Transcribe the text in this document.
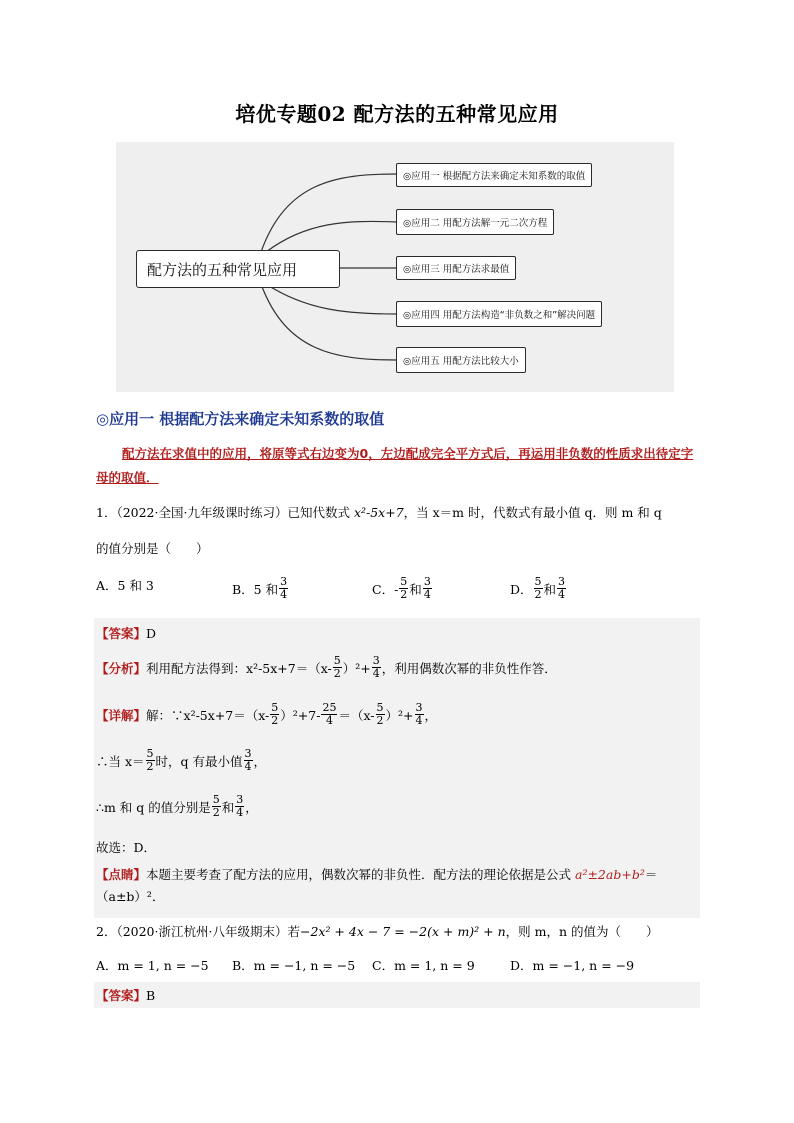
培优专题02 配方法的五种常见应用
配方法的五种常见应用
◎应用一 根据配方法来确定未知系数的取值
◎应用二 用配方法解一元二次方程
◎应用三 用配方法求最值
◎应用四 用配方法构造“非负数之和”解决问题
◎应用五 用配方法比较大小
◎应用一 根据配方法来确定未知系数的取值
配方法在求值中的应用，将原等式右边变为0，左边配成完全平方式后，再运用非负数的性质求出待定字母的取值．
1．（2022·全国·九年级课时练习）已知代数式 x²-5x+7，当 x＝m 时，代数式有最小值 q．则 m 和 q
的值分别是（　　）
A．5 和 3	B．5 和 $\frac{3}{4}$	C．- $\frac{5}{2}$ 和 $\frac{3}{4}$	D． $\frac{5}{2}$ 和 $\frac{3}{4}$
【答案】 D
【分析】 利用配方法得到：$x^2-5x+7=(x- \frac{5}{2} )^2+ \frac{3}{4}$ ，利用偶数次幂的非负性作答．
【详解】 解：∵x²-5x+7＝（x- $\frac{5}{2} )^2+7- \frac{25}{4} =(x- \frac{5}{2} )^2+ \frac{3}{4}$ ，
∴当 $x= \frac{5}{2}$ 时，q 有最小值 $\frac{3}{4}$ ，
∴m 和 q 的值分别是 $\frac{5}{2}$ 和 $\frac{3}{4}$ ，
故选：D．
【点睛】本题主要考查了配方法的应用，偶数次幂的非负性．配方法的理论依据是公式 a²±2ab+b²＝（a±b）²．
2．（2020·浙江杭州·八年级期末）若 −2x² + 4x − 7 = −2(x + m)² + n ，则 m，n 的值为（　　）
A．m = 1, n = −5 B．m = −1, n = −5 C．m = 1, n = 9	D．m = −1, n = −9
【答案】 B
